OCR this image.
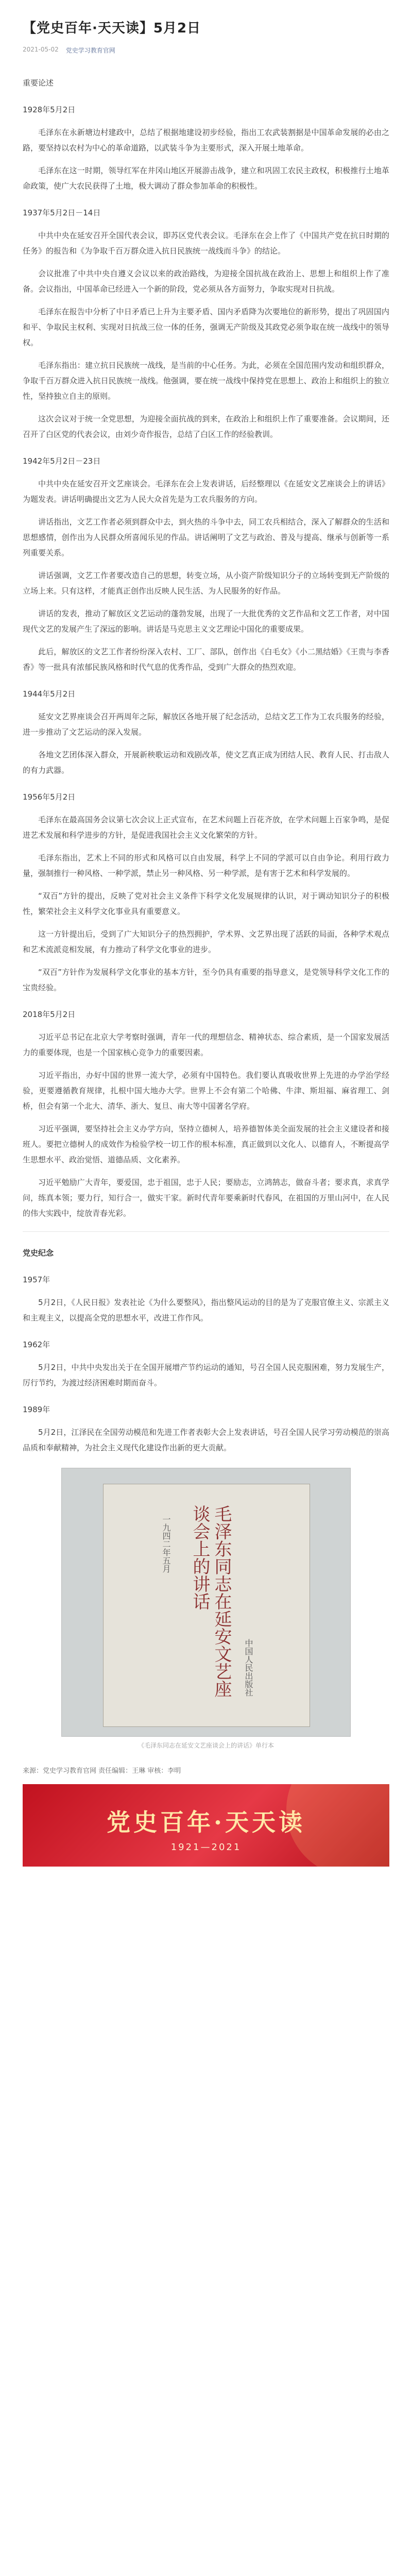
【党史百年·天天读】5月2日
2021-05-02 党史学习教育官网
重要论述
1928年5月2日
毛泽东在永新塘边村建政中，总结了根据地建设初步经验，指出工农武装割据是中国革命发展的必由之路，要坚持以农村为中心的革命道路，以武装斗争为主要形式，深入开展土地革命。
毛泽东在这一时期，领导红军在井冈山地区开展游击战争，建立和巩固工农民主政权，积极推行土地革命政策，使广大农民获得了土地，极大调动了群众参加革命的积极性。
1937年5月2日－14日
中共中央在延安召开全国代表会议，即苏区党代表会议。毛泽东在会上作了《中国共产党在抗日时期的任务》的报告和《为争取千百万群众进入抗日民族统一战线而斗争》的结论。
会议批准了中共中央自遵义会议以来的政治路线，为迎接全国抗战在政治上、思想上和组织上作了准备。会议指出，中国革命已经进入一个新的阶段，党必须从各方面努力，争取实现对日抗战。
毛泽东在报告中分析了中日矛盾已上升为主要矛盾、国内矛盾降为次要地位的新形势，提出了巩固国内和平、争取民主权利、实现对日抗战三位一体的任务，强调无产阶级及其政党必须争取在统一战线中的领导权。
毛泽东指出：建立抗日民族统一战线，是当前的中心任务。为此，必须在全国范围内发动和组织群众，争取千百万群众进入抗日民族统一战线。他强调，要在统一战线中保持党在思想上、政治上和组织上的独立性，坚持独立自主的原则。
这次会议对于统一全党思想，为迎接全面抗战的到来，在政治上和组织上作了重要准备。会议期间，还召开了白区党的代表会议，由刘少奇作报告，总结了白区工作的经验教训。
1942年5月2日－23日
中共中央在延安召开文艺座谈会。毛泽东在会上发表讲话，后经整理以《在延安文艺座谈会上的讲话》为题发表。讲话明确提出文艺为人民大众首先是为工农兵服务的方向。
讲话指出，文艺工作者必须到群众中去，到火热的斗争中去，同工农兵相结合，深入了解群众的生活和思想感情，创作出为人民群众所喜闻乐见的作品。讲话阐明了文艺与政治、普及与提高、继承与创新等一系列重要关系。
讲话强调，文艺工作者要改造自己的思想，转变立场，从小资产阶级知识分子的立场转变到无产阶级的立场上来。只有这样，才能真正创作出反映人民生活、为人民服务的好作品。
讲话的发表，推动了解放区文艺运动的蓬勃发展，出现了一大批优秀的文艺作品和文艺工作者，对中国现代文艺的发展产生了深远的影响。讲话是马克思主义文艺理论中国化的重要成果。
此后，解放区的文艺工作者纷纷深入农村、工厂、部队，创作出《白毛女》《小二黑结婚》《王贵与李香香》等一批具有浓郁民族风格和时代气息的优秀作品，受到广大群众的热烈欢迎。
1944年5月2日
延安文艺界座谈会召开两周年之际，解放区各地开展了纪念活动，总结文艺工作为工农兵服务的经验，进一步推动了文艺运动的深入发展。
各地文艺团体深入群众，开展新秧歌运动和戏剧改革，使文艺真正成为团结人民、教育人民、打击敌人的有力武器。
1956年5月2日
毛泽东在最高国务会议第七次会议上正式宣布，在艺术问题上百花齐放，在学术问题上百家争鸣，是促进艺术发展和科学进步的方针，是促进我国社会主义文化繁荣的方针。
毛泽东指出，艺术上不同的形式和风格可以自由发展，科学上不同的学派可以自由争论。利用行政力量，强制推行一种风格、一种学派，禁止另一种风格、另一种学派，是有害于艺术和科学发展的。
“双百”方针的提出，反映了党对社会主义条件下科学文化发展规律的认识，对于调动知识分子的积极性，繁荣社会主义科学文化事业具有重要意义。
这一方针提出后，受到了广大知识分子的热烈拥护，学术界、文艺界出现了活跃的局面，各种学术观点和艺术流派竞相发展，有力推动了科学文化事业的进步。
“双百”方针作为发展科学文化事业的基本方针，至今仍具有重要的指导意义，是党领导科学文化工作的宝贵经验。
2018年5月2日
习近平总书记在北京大学考察时强调，青年一代的理想信念、精神状态、综合素质，是一个国家发展活力的重要体现，也是一个国家核心竞争力的重要因素。
习近平指出，办好中国的世界一流大学，必须有中国特色。我们要认真吸收世界上先进的办学治学经验，更要遵循教育规律，扎根中国大地办大学。世界上不会有第二个哈佛、牛津、斯坦福、麻省理工、剑桥，但会有第一个北大、清华、浙大、复旦、南大等中国著名学府。
习近平强调，要坚持社会主义办学方向，坚持立德树人，培养德智体美全面发展的社会主义建设者和接班人。要把立德树人的成效作为检验学校一切工作的根本标准，真正做到以文化人、以德育人，不断提高学生思想水平、政治觉悟、道德品质、文化素养。
习近平勉励广大青年，要爱国，忠于祖国，忠于人民；要励志，立鸿鹄志，做奋斗者；要求真，求真学问，练真本领；要力行，知行合一，做实干家。新时代青年要乘新时代春风，在祖国的万里山河中，在人民的伟大实践中，绽放青春光彩。
党史纪念
1957年
5月2日，《人民日报》发表社论《为什么要整风》，指出整风运动的目的是为了克服官僚主义、宗派主义和主观主义，以提高全党的思想水平，改进工作作风。
1962年
5月2日，中共中央发出关于在全国开展增产节约运动的通知，号召全国人民克服困难，努力发展生产，厉行节约，为渡过经济困难时期而奋斗。
1989年
5月2日，江泽民在全国劳动模范和先进工作者表彰大会上发表讲话，号召全国人民学习劳动模范的崇高品质和奉献精神，为社会主义现代化建设作出新的更大贡献。
一九四二年五月	毛泽东同志在延安文艺座谈会上的讲话
中国人民出版社
《毛泽东同志在延安文艺座谈会上的讲话》单行本
来源：党史学习教育官网 责任编辑：王琳 审核：李明
党史百年·天天读
1921—2021
